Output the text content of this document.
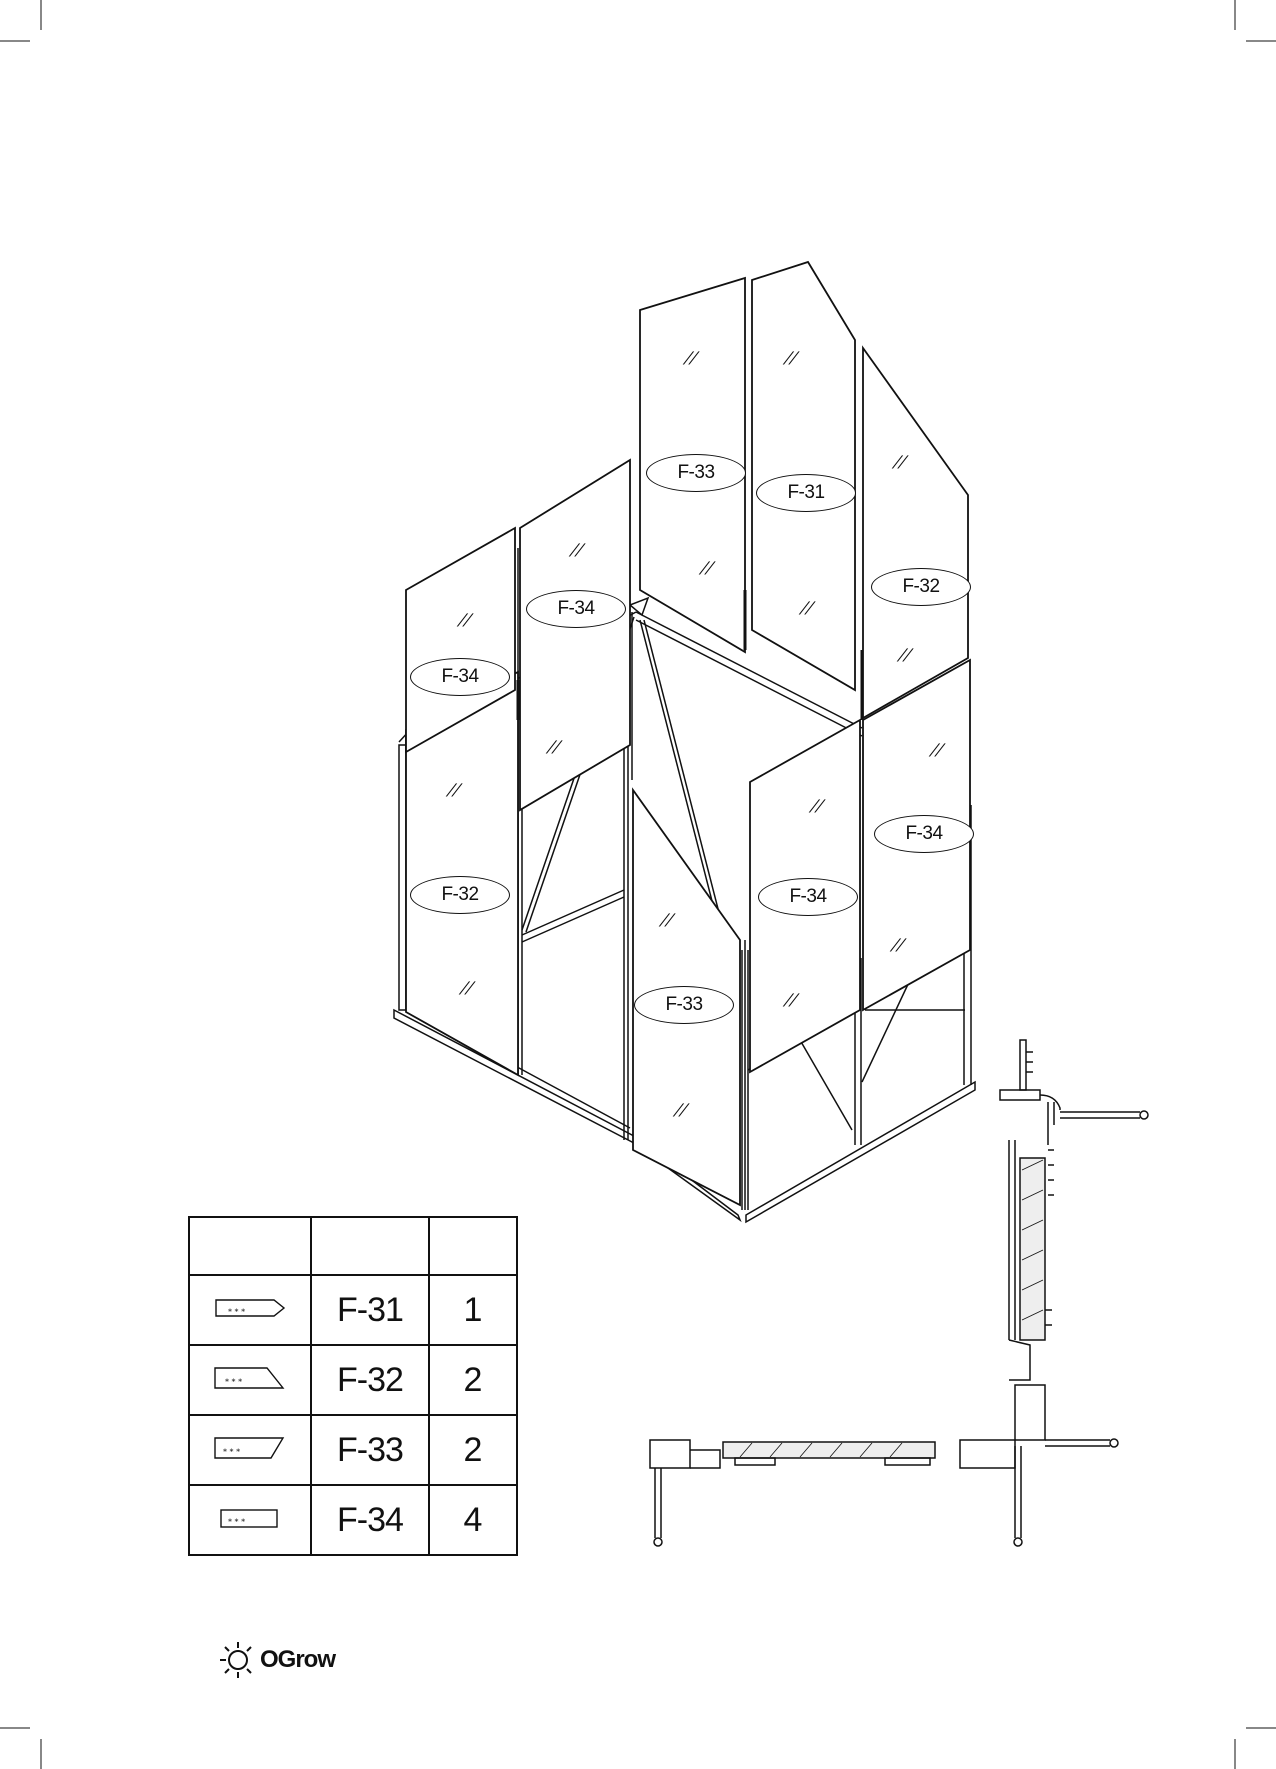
F-33
F-31
F-34
F-32
F-34
F-32
F-34
F-34
F-33
//	//
//
//
//
//
//
//
//
//
//
//
//
//
//
//
//

⁎ ⁎ ⁎	F-31	1

⁎ ⁎ ⁎	F-32	2

⁎ ⁎ ⁎	F-33	2

⁎ ⁎ ⁎	F-34	4
OGrow
